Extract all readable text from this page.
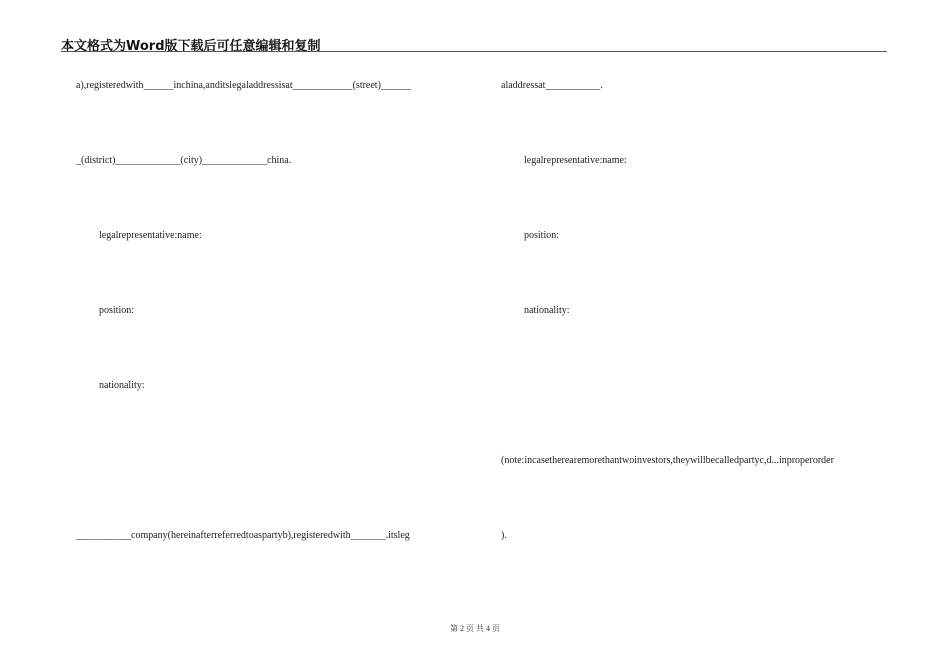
本文格式为Word版下载后可任意编辑和复制
a),registeredwith______inchina,anditslegaladdressisat____________(street)______
_(district)_____________(city)_____________china.
legalrepresentative:name:
position:
nationality:
___________company(hereinafterreferredtoaspartyb),registeredwith_______.itsleg
aladdressat___________.
legalrepresentative:name:
position:
nationality:
(note:incasetherearemorethantwoinvestors,theywillbecalledpartyc,d...inproperorder
).
第 2 页 共 4 页
